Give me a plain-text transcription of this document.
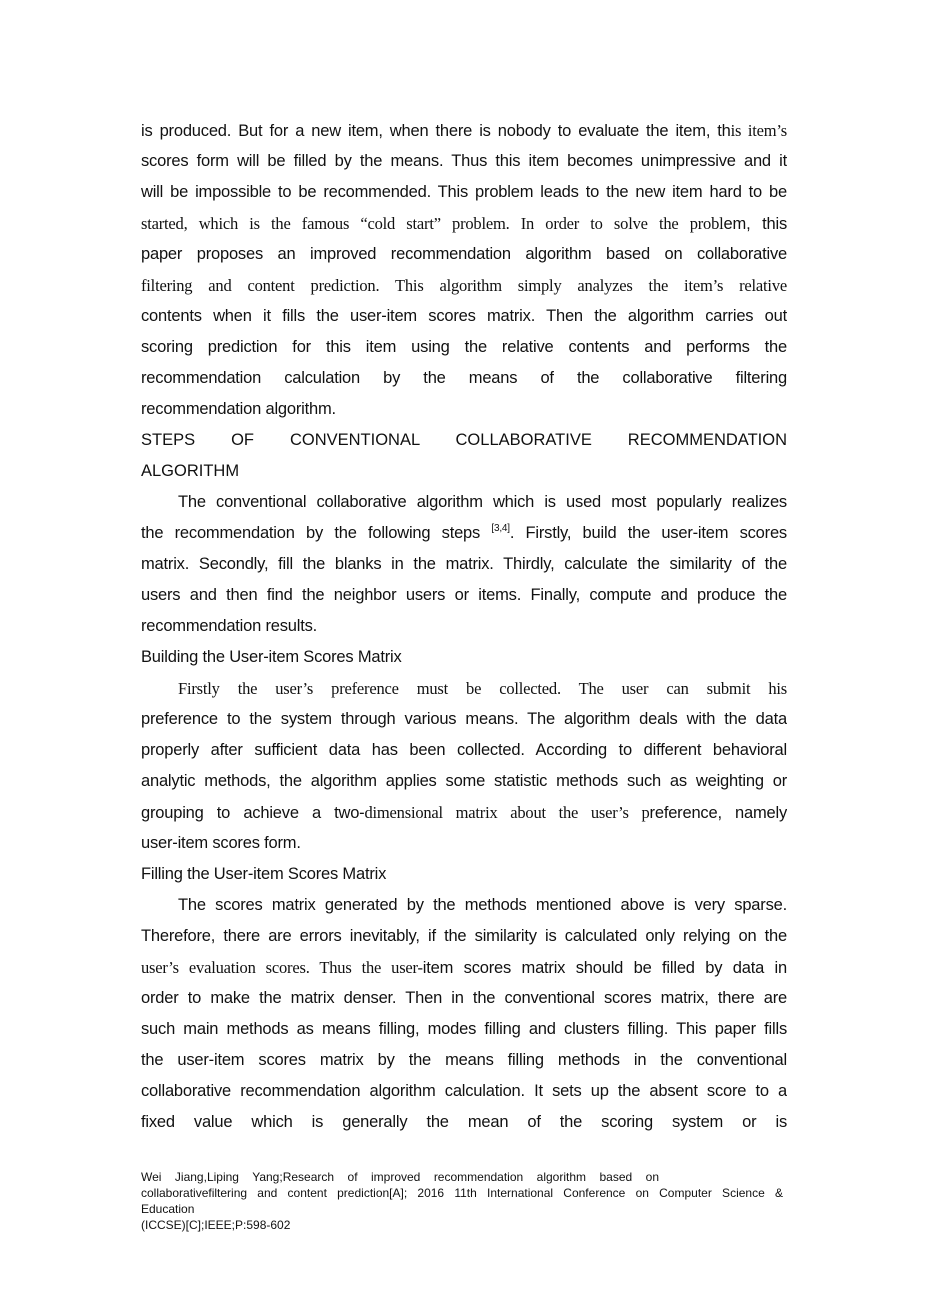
is produced. But for a new item, when there is nobody to evaluate the item, this item’s
scores form will be filled by the means. Thus this item becomes unimpressive and it
will be impossible to be recommended. This problem leads to the new item hard to be
started, which is the famous “cold start” problem. In order to solve the problem, this
paper proposes an improved recommendation algorithm based on collaborative
filtering and content prediction. This algorithm simply analyzes the item’s relative
contents when it fills the user-item scores matrix. Then the algorithm carries out
scoring prediction for this item using the relative contents and performs the
recommendation calculation by the means of the collaborative filtering
recommendation algorithm.
STEPS OF CONVENTIONAL COLLABORATIVE RECOMMENDATION
ALGORITHM
The conventional collaborative algorithm which is used most popularly realizes
the recommendation by the following steps [3,4]. Firstly, build the user-item scores
matrix. Secondly, fill the blanks in the matrix. Thirdly, calculate the similarity of the
users and then find the neighbor users or items. Finally, compute and produce the
recommendation results.
Building the User-item Scores Matrix
Firstly the user’s preference must be collected. The user can submit his
preference to the system through various means. The algorithm deals with the data
properly after sufficient data has been collected. According to different behavioral
analytic methods, the algorithm applies some statistic methods such as weighting or
grouping to achieve a two-dimensional matrix about the user’s preference, namely
user-item scores form.
Filling the User-item Scores Matrix
The scores matrix generated by the methods mentioned above is very sparse.
Therefore, there are errors inevitably, if the similarity is calculated only relying on the
user’s evaluation scores. Thus the user-item scores matrix should be filled by data in
order to make the matrix denser. Then in the conventional scores matrix, there are
such main methods as means filling, modes filling and clusters filling. This paper fills
the user-item scores matrix by the means filling methods in the conventional
collaborative recommendation algorithm calculation. It sets up the absent score to a
fixed value which is generally the mean of the scoring system or is
Wei Jiang,Liping Yang;Research of improved recommendation algorithm based on
collaborativefiltering and content prediction[A]; 2016 11th International Conference on Computer Science &
Education
(ICCSE)[C];IEEE;P:598-602
